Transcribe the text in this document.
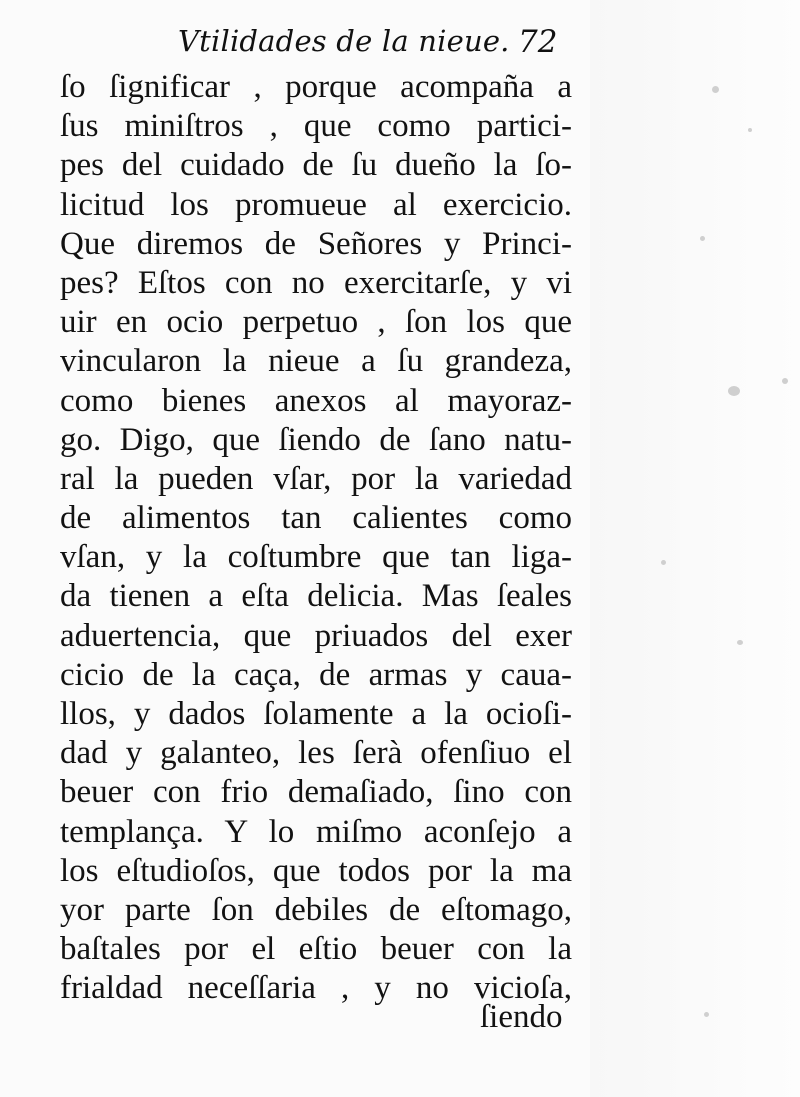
Vtilidades de la nieue. 72
ſo ſignificar , porque acompaña a
ſus miniſtros , que como partici-
pes del cuidado de ſu dueño la ſo-
licitud los promueue al exercicio.
Que diremos de Señores y Princi-
pes? Eſtos con no exercitarſe, y vi
uir en ocio perpetuo , ſon los que
vincularon la nieue a ſu grandeza,
como bienes anexos al mayoraz-
go. Digo, que ſiendo de ſano natu-
ral la pueden vſar, por la variedad
de alimentos tan calientes como
vſan, y la coſtumbre que tan liga-
da tienen a eſta delicia. Mas ſeales
aduertencia, que priuados del exer
cicio de la caça, de armas y caua-
llos, y dados ſolamente a la ocioſi-
dad y galanteo, les ſerà ofenſiuo el
beuer con frio demaſiado, ſino con
templança. Y lo miſmo aconſejo a
los eſtudioſos, que todos por la ma
yor parte ſon debiles de eſtomago,
baſtales por el eſtio beuer con la
frialdad neceſſaria , y no vicioſa,
ſiendo
